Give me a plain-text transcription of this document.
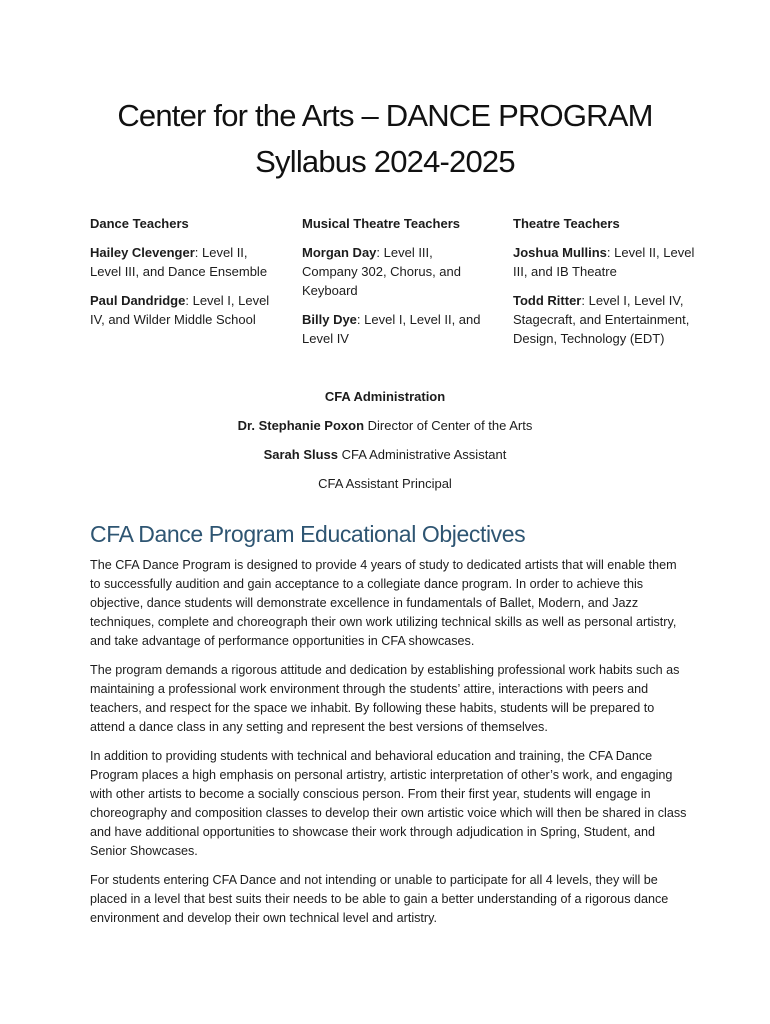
Center for the Arts – DANCE PROGRAM
Syllabus 2024-2025
Dance Teachers
Hailey Clevenger: Level II, Level III, and Dance Ensemble
Paul Dandridge: Level I, Level IV, and Wilder Middle School
Musical Theatre Teachers
Morgan Day: Level III, Company 302, Chorus, and Keyboard
Billy Dye: Level I, Level II, and Level IV
Theatre Teachers
Joshua Mullins: Level II, Level III, and IB Theatre
Todd Ritter: Level I, Level IV, Stagecraft, and Entertainment, Design, Technology (EDT)

CFA Administration

Dr. Stephanie Poxon Director of Center of the Arts

Sarah Sluss CFA Administrative Assistant

CFA Assistant Principal

CFA Dance Program Educational Objectives

The CFA Dance Program is designed to provide 4 years of study to dedicated artists that will enable them to successfully audition and gain acceptance to a collegiate dance program. In order to achieve this objective, dance students will demonstrate excellence in fundamentals of Ballet, Modern, and Jazz techniques, complete and choreograph their own work utilizing technical skills as well as personal artistry, and take advantage of performance opportunities in CFA showcases.

The program demands a rigorous attitude and dedication by establishing professional work habits such as maintaining a professional work environment through the students’ attire, interactions with peers and teachers, and respect for the space we inhabit. By following these habits, students will be prepared to attend a dance class in any setting and represent the best versions of themselves.

In addition to providing students with technical and behavioral education and training, the CFA Dance Program places a high emphasis on personal artistry, artistic interpretation of other’s work, and engaging with other artists to become a socially conscious person. From their first year, students will engage in choreography and composition classes to develop their own artistic voice which will then be shared in class and have additional opportunities to showcase their work through adjudication in Spring, Student, and Senior Showcases.

For students entering CFA Dance and not intending or unable to participate for all 4 levels, they will be placed in a level that best suits their needs to be able to gain a better understanding of a rigorous dance environment and develop their own technical level and artistry.
